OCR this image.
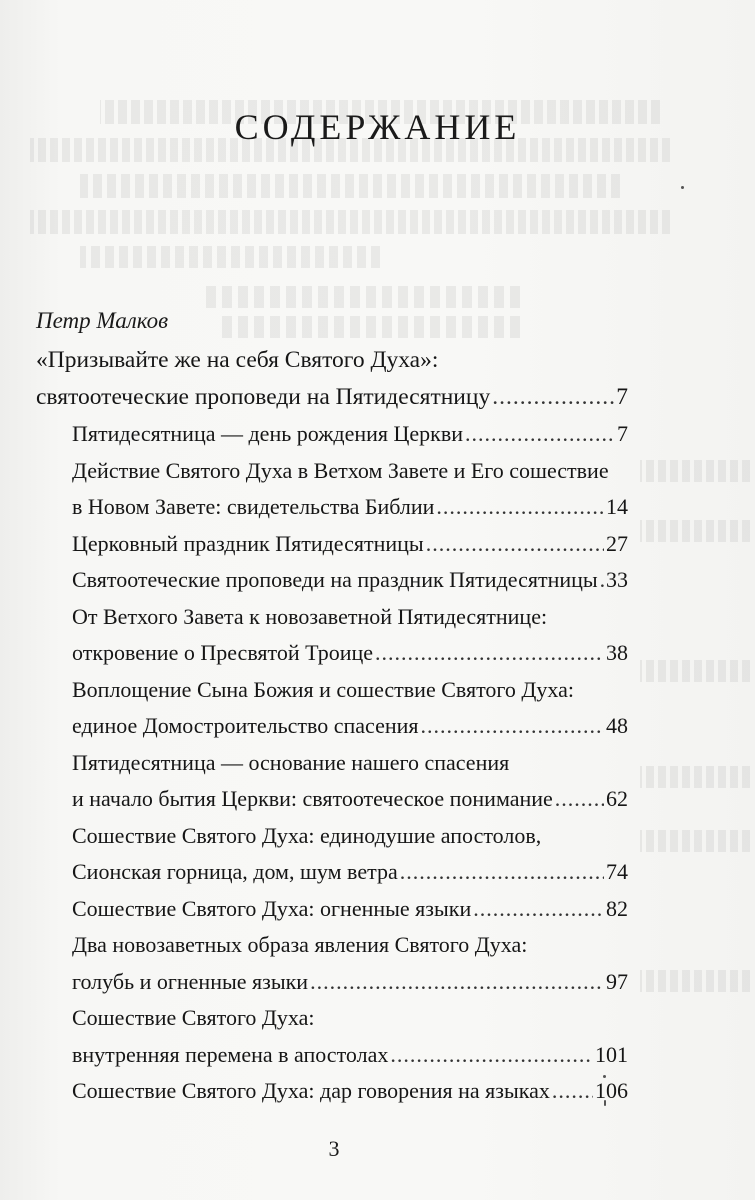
СОДЕРЖАНИЕ
Петр Малков
«Призывайте же на себя Святого Духа»:
святоотеческие проповеди на Пятидесятницу .....	7
Пятидесятница — день рождения Церкви .....	7
Действие Святого Духа в Ветхом Завете и Его сошествие
в Новом Завете: свидетельства Библии .....	14
Церковный праздник Пятидесятницы .....	27
Святоотеческие проповеди на праздник Пятидесятницы ..... 33
От Ветхого Завета к новозаветной Пятидесятнице:
откровение о Пресвятой Троице .....	38
Воплощение Сына Божия и сошествие Святого Духа:
единое Домостроительство спасения .....	48
Пятидесятница — основание нашего спасения
и начало бытия Церкви: святоотеческое понимание ..... 62
Сошествие Святого Духа: единодушие апостолов,
Сионская горница, дом, шум ветра .....	74
Сошествие Святого Духа: огненные языки .....	82
Два новозаветных образа явления Святого Духа:
голубь и огненные языки .....	97
Сошествие Святого Духа:
внутренняя перемена в апостолах .....	101
Сошествие Святого Духа: дар говорения на языках ..... 106
3
